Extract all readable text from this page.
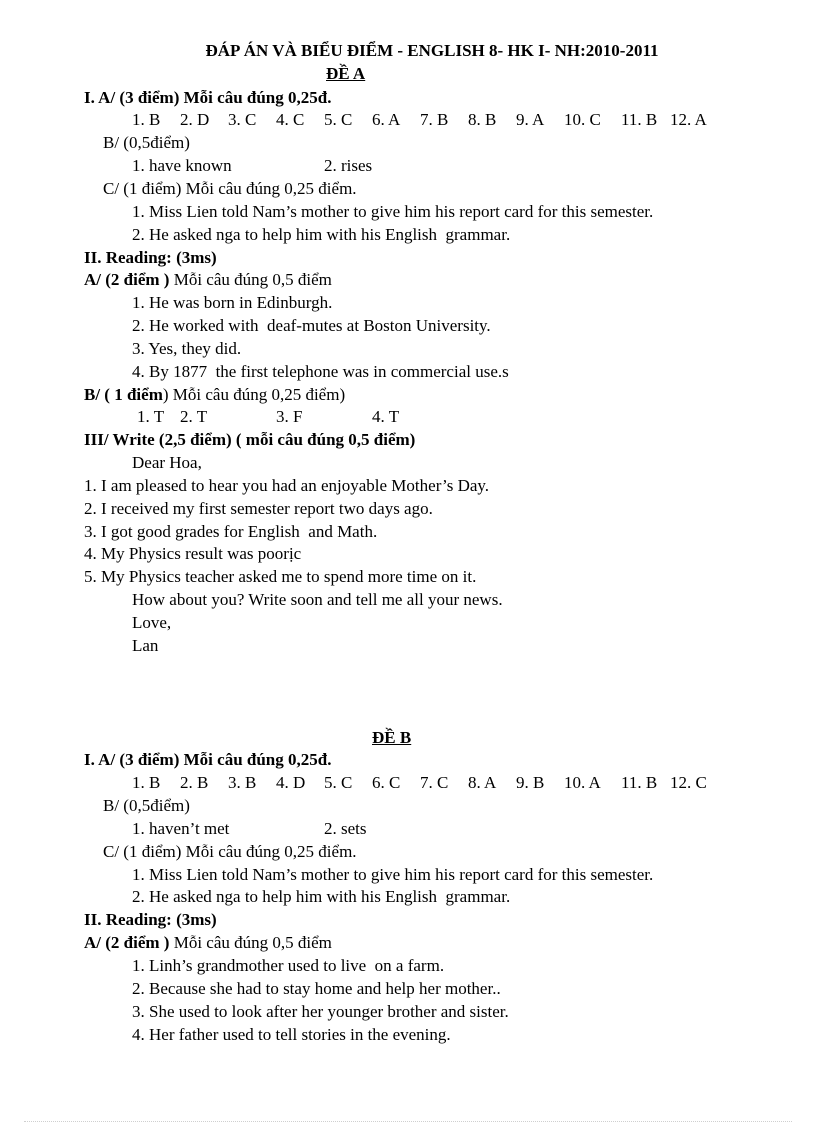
ĐÁP ÁN VÀ BIỂU ĐIỂM - ENGLISH 8- HK I- NH:2010-2011
ĐỀ A
I. A/ (3 điểm) Mỗi câu đúng 0,25đ.
1. B 2. D 3. C 4. C 5. C 6. A 7. B 8. B 9. A 10. C 11. B 12. A
B/ (0,5điểm)
1. have known	2. rises
C/ (1 điểm) Mỗi câu đúng 0,25 điểm.
1. Miss Lien told Nam’s mother to give him his report card for this semester.
2. He asked nga to help him with his English  grammar.
II. Reading: (3ms)
A/ (2 điểm ) Mỗi câu đúng 0,5 điểm
1. He was born in Edinburgh.
2. He worked with  deaf-mutes at Boston University.
3. Yes, they did.
4. By 1877  the first telephone was in commercial use.s
B/ ( 1 điểm) Mỗi câu đúng 0,25 điểm)
1. T 2. T	3. F	4. T
III/ Write (2,5 điểm) ( mỗi câu đúng 0,5 điểm)
Dear Hoa,
1. I am pleased to hear you had an enjoyable Mother’s Day.
2. I received my first semester report two days ago.
3. I got good grades for English  and Math.
4. My Physics result was poorịc
5. My Physics teacher asked me to spend more time on it.
How about you? Write soon and tell me all your news.
Love,
Lan
ĐỀ B
I. A/ (3 điểm) Mỗi câu đúng 0,25đ.
1. B 2. B 3. B 4. D 5. C 6. C 7. C 8. A 9. B 10. A 11. B 12. C
B/ (0,5điểm)
1. haven’t met	2. sets
C/ (1 điểm) Mỗi câu đúng 0,25 điểm.
1. Miss Lien told Nam’s mother to give him his report card for this semester.
2. He asked nga to help him with his English  grammar.
II. Reading: (3ms)
A/ (2 điểm ) Mỗi câu đúng 0,5 điểm
1. Linh’s grandmother used to live  on a farm.
2. Because she had to stay home and help her mother..
3. She used to look after her younger brother and sister.
4. Her father used to tell stories in the evening.
